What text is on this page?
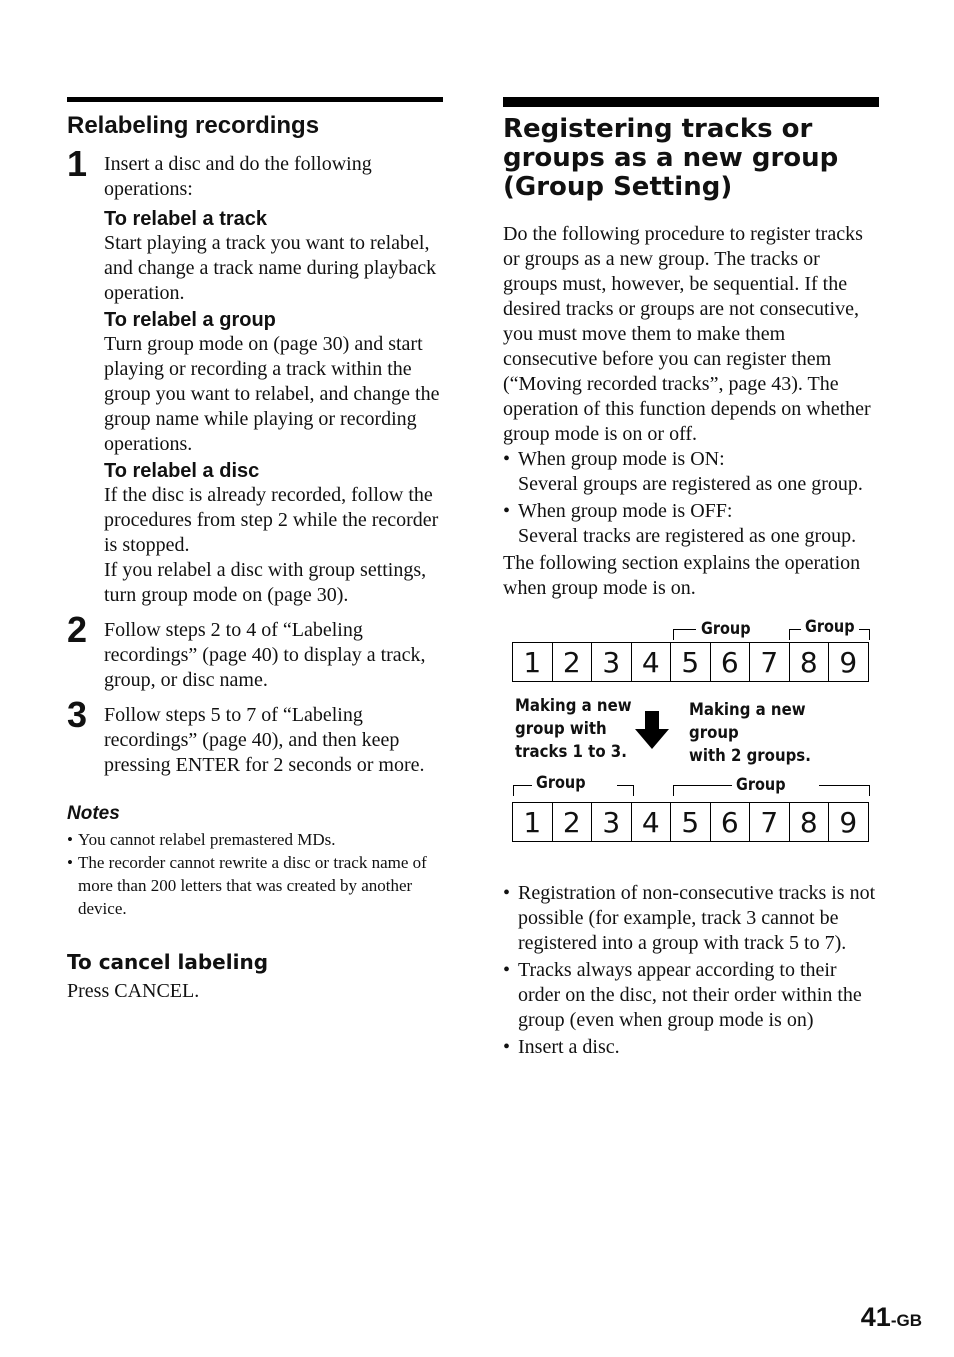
Relabeling recordings
1 Insert a disc and do the following operations:

To relabel a track

Start playing a track you want to relabel, and change a track name during playback operation.

To relabel a group

Turn group mode on (page 30) and start playing or recording a track within the group you want to relabel, and change the group name while playing or recording operations.

To relabel a disc

If the disc is already recorded, follow the procedures from step 2 while the recorder is stopped.

If you relabel a disc with group settings, turn group mode on (page 30).

2 Follow steps 2 to 4 of “Labeling recordings” (page 40) to display a track, group, or disc name.

3 Follow steps 5 to 7 of “Labeling recordings” (page 40), and then keep pressing ENTER for 2 seconds or more.

Notes
• You cannot relabel premastered MDs.
• The recorder cannot rewrite a disc or track name of more than 200 letters that was created by another device.
To cancel labeling

Press CANCEL.

Registering tracks or
groups as a new group
(Group Setting)

Do the following procedure to register tracks or groups as a new group. The tracks or groups must, however, be sequential. If the desired tracks or groups are not consecutive, you must move them to make them consecutive before you can register them (“Moving recorded tracks”, page 43). The operation of this function depends on whether group mode is on or off.

• When group mode is ON:
Several groups are registered as one group.
• When group mode is OFF:
Several tracks are registered as one group.

The following section explains the operation when group mode is on.

Group	Group
1 2 3 4 5 6 7 8 9
Making a new
group with
tracks 1 to 3.
Making a new group
with 2 groups.
Group	Group
1 2 3 4 5 6 7 8 9
• Registration of non-consecutive tracks is not possible (for example, track 3 cannot be registered into a group with track 5 to 7).
• Tracks always appear according to their order on the disc, not their order within the group (even when group mode is on)
• Insert a disc.
41-GB
